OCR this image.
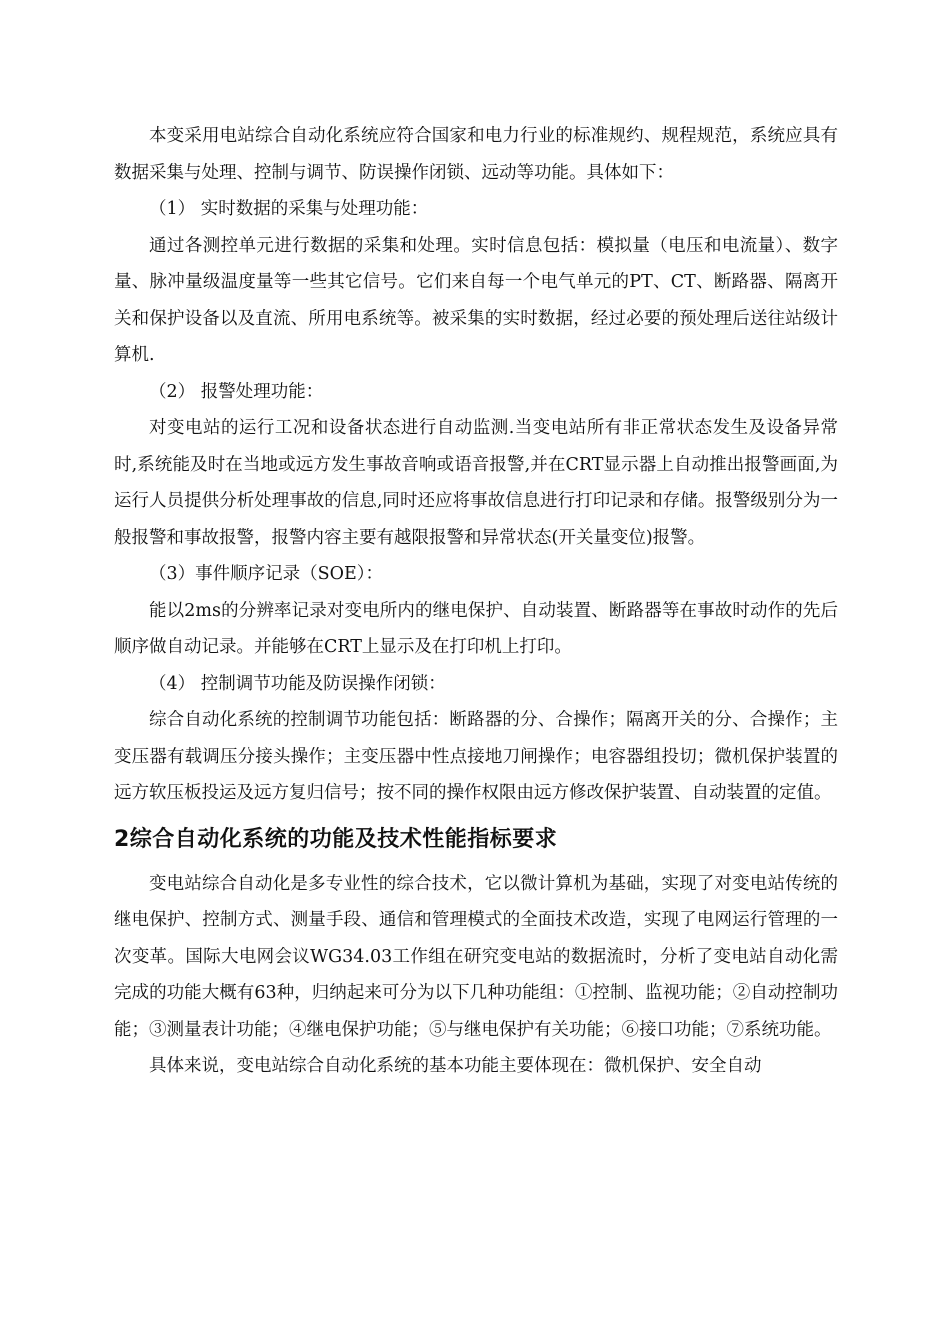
本变采用电站综合自动化系统应符合国家和电力行业的标准规约、规程规范，系统应具有数据采集与处理、控制与调节、防误操作闭锁、远动等功能。具体如下：

（1） 实时数据的采集与处理功能：

通过各测控单元进行数据的采集和处理。实时信息包括：模拟量（电压和电流量）、数字量、脉冲量级温度量等一些其它信号。它们来自每一个电气单元的PT、CT、断路器、隔离开关和保护设备以及直流、所用电系统等。被采集的实时数据，经过必要的预处理后送往站级计算机.

（2） 报警处理功能：

对变电站的运行工况和设备状态进行自动监测.当变电站所有非正常状态发生及设备异常时,系统能及时在当地或远方发生事故音响或语音报警,并在CRT显示器上自动推出报警画面,为运行人员提供分析处理事故的信息,同时还应将事故信息进行打印记录和存储。报警级别分为一般报警和事故报警，报警内容主要有越限报警和异常状态(开关量变位)报警。

（3）事件顺序记录（SOE）：

能以2ms的分辨率记录对变电所内的继电保护、自动装置、断路器等在事故时动作的先后顺序做自动记录。并能够在CRT上显示及在打印机上打印。

（4） 控制调节功能及防误操作闭锁：

综合自动化系统的控制调节功能包括：断路器的分、合操作；隔离开关的分、合操作；主变压器有载调压分接头操作；主变压器中性点接地刀闸操作；电容器组投切；微机保护装置的远方软压板投运及远方复归信号；按不同的操作权限由远方修改保护装置、自动装置的定值。

2综合自动化系统的功能及技术性能指标要求

变电站综合自动化是多专业性的综合技术，它以微计算机为基础，实现了对变电站传统的继电保护、控制方式、测量手段、通信和管理模式的全面技术改造，实现了电网运行管理的一次变革。国际大电网会议WG34.03工作组在研究变电站的数据流时，分析了变电站自动化需完成的功能大概有63种，归纳起来可分为以下几种功能组：①控制、监视功能；②自动控制功能；③测量表计功能；④继电保护功能；⑤与继电保护有关功能；⑥接口功能；⑦系统功能。

具体来说，变电站综合自动化系统的基本功能主要体现在：微机保护、安全自动
